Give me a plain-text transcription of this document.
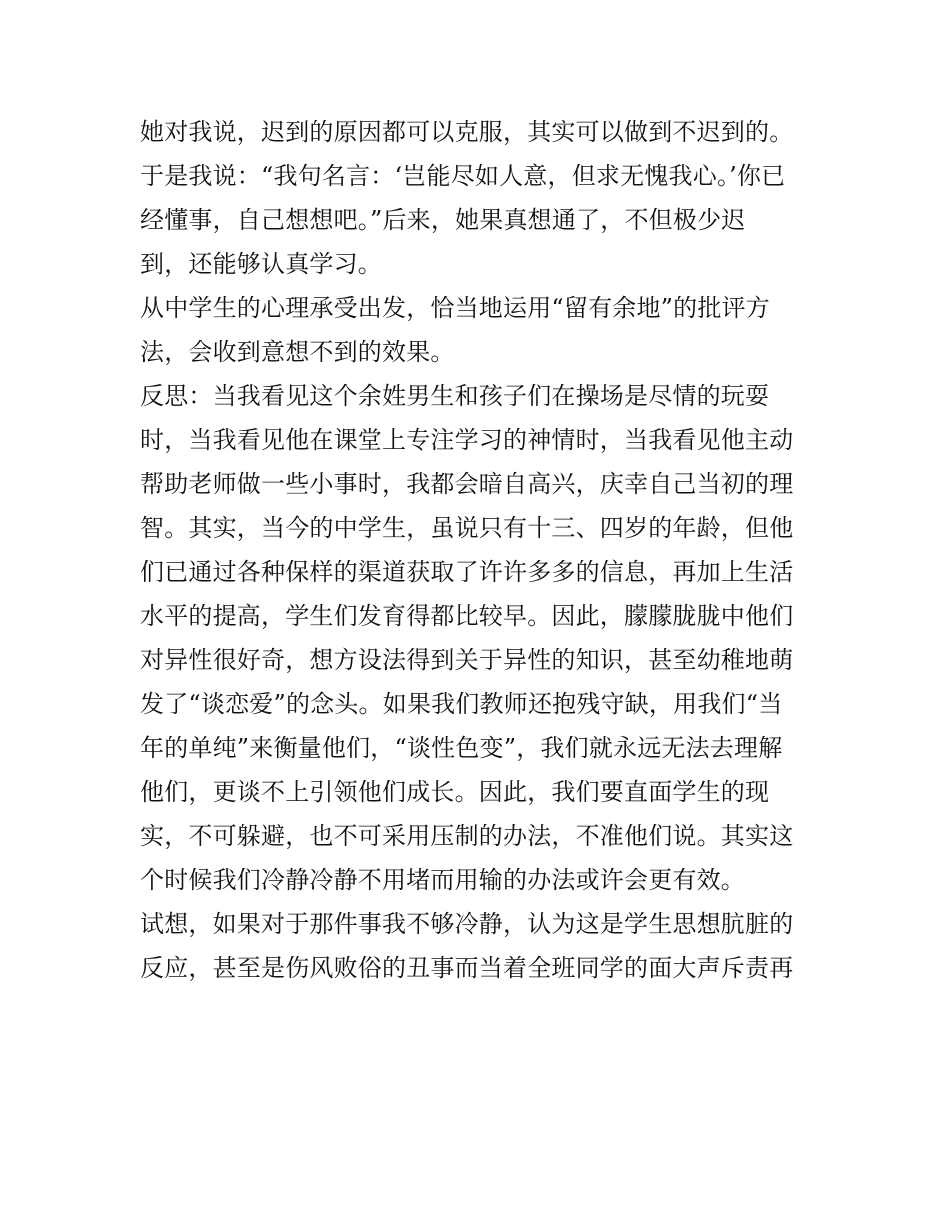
她对我说，迟到的原因都可以克服，其实可以做到不迟到的。
于是我说：“我句名言：‘岂能尽如人意，但求无愧我心。’你已
经懂事，自己想想吧。”后来，她果真想通了，不但极少迟
到，还能够认真学习。
从中学生的心理承受出发，恰当地运用“留有余地”的批评方
法，会收到意想不到的效果。
反思：当我看见这个余姓男生和孩子们在操场是尽情的玩耍
时，当我看见他在课堂上专注学习的神情时，当我看见他主动
帮助老师做一些小事时，我都会暗自高兴，庆幸自己当初的理
智。其实，当今的中学生，虽说只有十三、四岁的年龄，但他
们已通过各种保样的渠道获取了许许多多的信息，再加上生活
水平的提高，学生们发育得都比较早。因此，朦朦胧胧中他们
对异性很好奇，想方设法得到关于异性的知识，甚至幼稚地萌
发了“谈恋爱”的念头。如果我们教师还抱残守缺，用我们“当
年的单纯”来衡量他们，“谈性色变”，我们就永远无法去理解
他们，更谈不上引领他们成长。因此，我们要直面学生的现
实，不可躲避，也不可采用压制的办法，不准他们说。其实这
个时候我们冷静冷静不用堵而用输的办法或许会更有效。
试想，如果对于那件事我不够冷静，认为这是学生思想肮脏的
反应，甚至是伤风败俗的丑事而当着全班同学的面大声斥责再
